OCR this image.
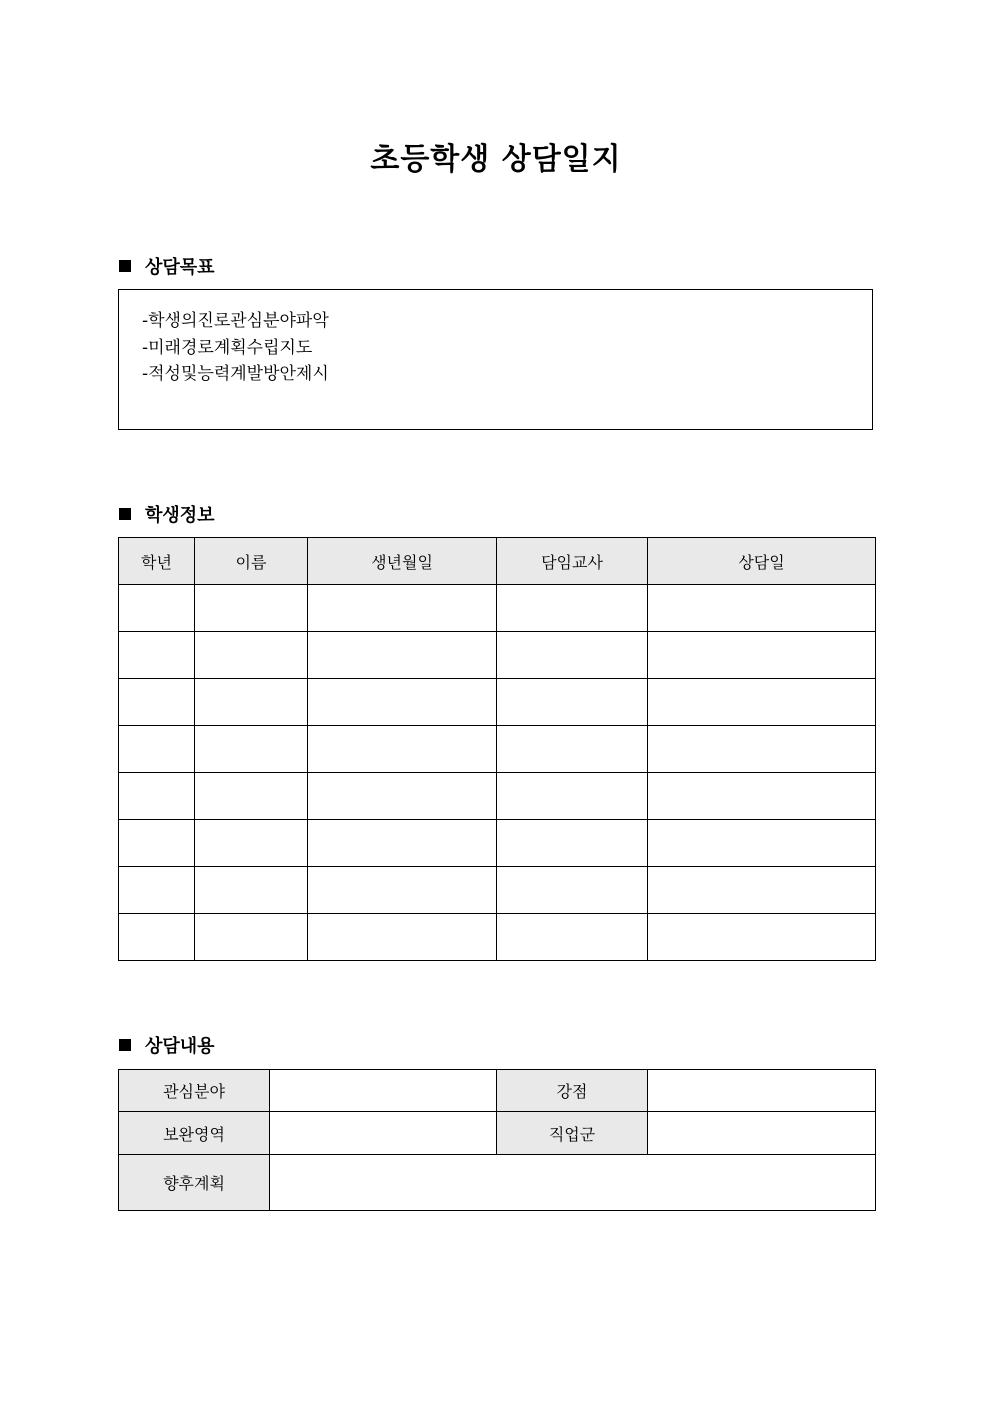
초등학생 상담일지
상담목표
-학생의진로관심분야파악
-미래경로계획수립지도
-적성및능력계발방안제시
학생정보
학년	이름	생년월일	담임교사	상담일

상담내용
관심분야		강점	
보완영역		직업군	
향후계획			
